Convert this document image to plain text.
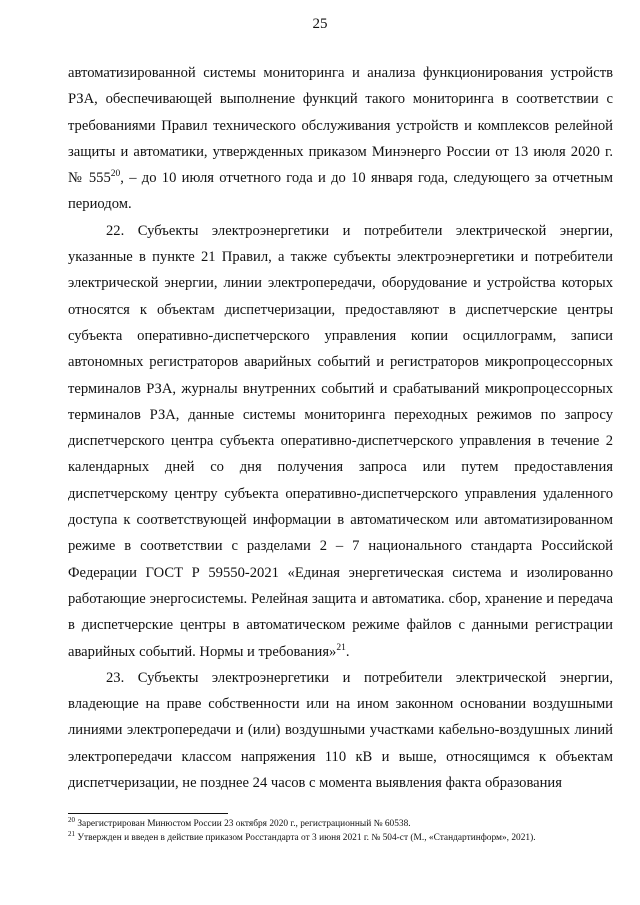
25

автоматизированной системы мониторинга и анализа функционирования устройств РЗА, обеспечивающей выполнение функций такого мониторинга в соответствии с требованиями Правил технического обслуживания устройств и комплексов релейной защиты и автоматики, утвержденных приказом Минэнерго России от 13 июля 2020 г. № 555$^{20}$, – до 10 июля отчетного года и до 10 января года, следующего за отчетным периодом.

22. Субъекты электроэнергетики и потребители электрической энергии, указанные в пункте 21 Правил, а также субъекты электроэнергетики и потребители электрической энергии, линии электропередачи, оборудование и устройства которых относятся к объектам диспетчеризации, предоставляют в диспетчерские центры субъекта оперативно-диспетчерского управления копии осциллограмм, записи автономных регистраторов аварийных событий и регистраторов микропроцессорных терминалов РЗА, журналы внутренних событий и срабатываний микропроцессорных терминалов РЗА, данные системы мониторинга переходных режимов по запросу диспетчерского центра субъекта оперативно-диспетчерского управления в течение 2 календарных дней со дня получения запроса или путем предоставления диспетчерскому центру субъекта оперативно-диспетчерского управления удаленного доступа к соответствующей информации в автоматическом или автоматизированном режиме в соответствии с разделами 2 – 7 национального стандарта Российской Федерации ГОСТ Р 59550-2021 «Единая энергетическая система и изолированно работающие энергосистемы. Релейная защита и автоматика. сбор, хранение и передача в диспетчерские центры в автоматическом режиме файлов с данными регистрации аварийных событий. Нормы и требования»$^{21}$.

23. Субъекты электроэнергетики и потребители электрической энергии, владеющие на праве собственности или на ином законном основании воздушными линиями электропередачи и (или) воздушными участками кабельно-воздушных линий электропередачи классом напряжения 110 кВ и выше, относящимся к объектам диспетчеризации, не позднее 24 часов с момента выявления факта образования

$^{20}$ Зарегистрирован Минюстом России 23 октября 2020 г., регистрационный № 60538.

$^{21}$ Утвержден и введен в действие приказом Росстандарта от 3 июня 2021 г. № 504-ст (М., «Стандартинформ», 2021).
